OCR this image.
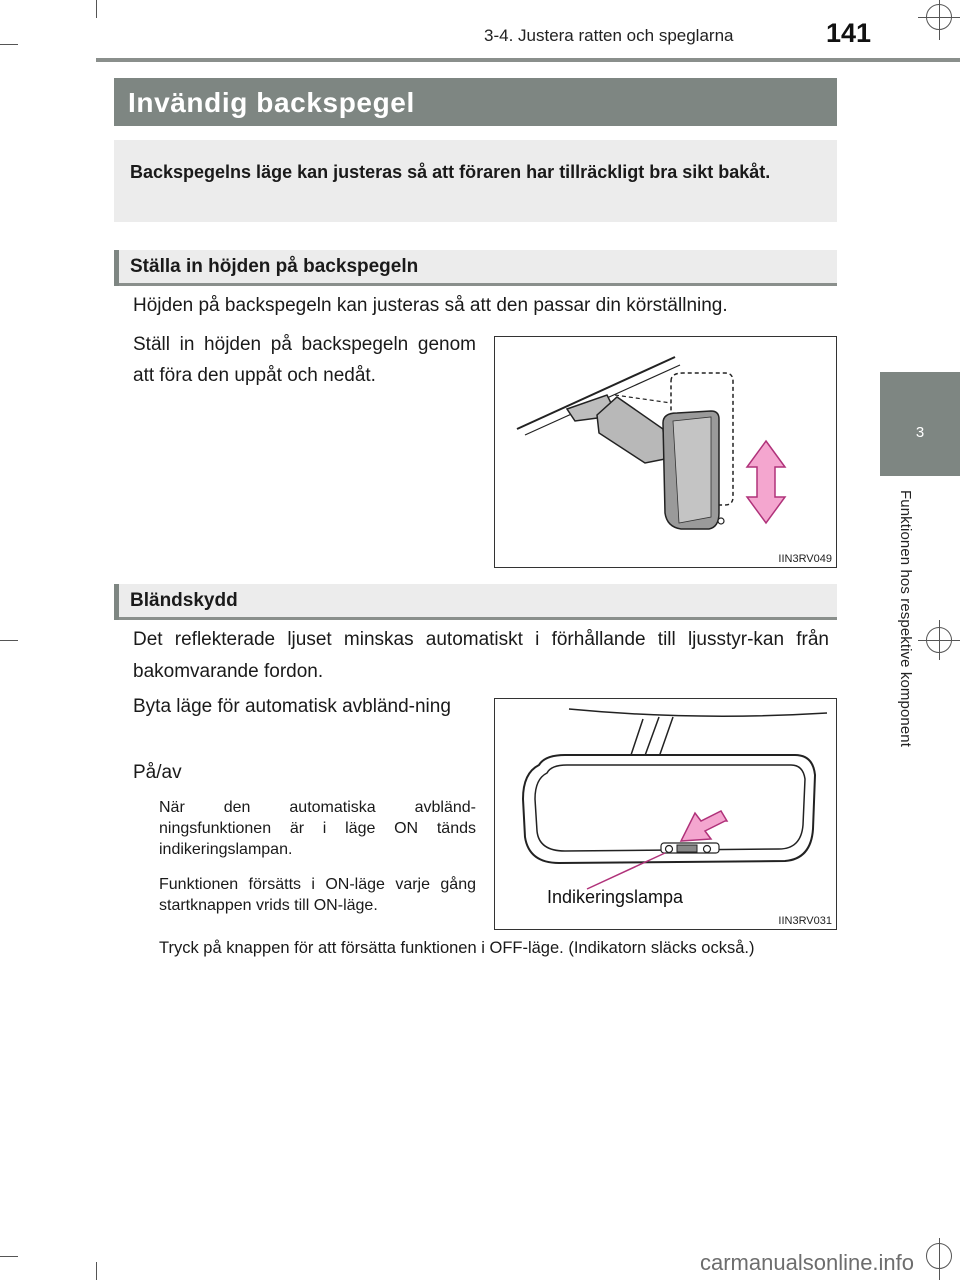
3-4. Justera ratten och speglarna	141
3
Funktionen hos respektive komponent
Invändig backspegel
Backspegelns läge kan justeras så att föraren har tillräckligt bra sikt bakåt.
Ställa in höjden på backspegeln
Höjden på backspegeln kan justeras så att den passar din körställning.
Ställ in höjden på backspegeln genom att föra den uppåt och nedåt.
IIN3RV049
Bländskydd
Det reflekterade ljuset minskas automatiskt i förhållande till ljusstyr-kan från bakomvarande fordon.
Byta läge för automatisk avbländ-ning
På/av
När den automatiska avbländ-ningsfunktionen är i läge ON tänds indikeringslampan.
Funktionen försätts i ON-läge varje gång startknappen vrids till ON-läge.
Tryck på knappen för att försätta funktionen i OFF-läge. (Indikatorn släcks också.)
Indikeringslampa
IIN3RV031
carmanualsonline.info
